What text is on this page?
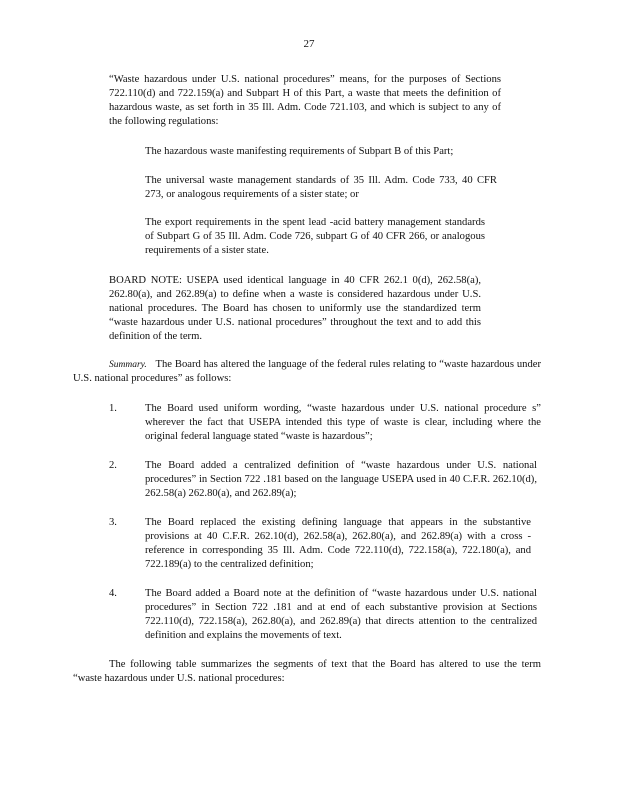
27

“Waste hazardous under U.S. national procedures” means, for the purposes of Sections 722.110(d) and 722.159(a) and Subpart H of this Part, a waste that meets the definition of hazardous waste, as set forth in 35 Ill. Adm. Code 721.103, and which is subject to any of the following regulations:

The hazardous waste manifesting requirements of Subpart B of this Part;

The universal waste management standards of 35 Ill. Adm. Code 733, 40 CFR 273, or analogous requirements of a sister state; or

The export requirements in the spent lead -acid battery management standards of Subpart G of 35 Ill. Adm. Code 726, subpart G of 40 CFR 266, or analogous requirements of a sister state.

BOARD NOTE: USEPA used identical language in 40 CFR 262.1 0(d), 262.58(a), 262.80(a), and 262.89(a) to define when a waste is considered hazardous under U.S. national procedures. The Board has chosen to uniformly use the standardized term “waste hazardous under U.S. national procedures” throughout the text and to add this definition of the term.

Summary. The Board has altered the language of the federal rules relating to “waste hazardous under U.S. national procedures” as follows:

1.	The Board used uniform wording, “waste hazardous under U.S. national procedure s” wherever the fact that USEPA intended this type of waste is clear, including where the original federal language stated “waste is hazardous”;
2.	The Board added a centralized definition of “waste hazardous under U.S. national procedures” in Section 722 .181 based on the language USEPA used in 40 C.F.R. 262.10(d), 262.58(a) 262.80(a), and 262.89(a);
3.	The Board replaced the existing defining language that appears in the substantive provisions at 40 C.F.R. 262.10(d), 262.58(a), 262.80(a), and 262.89(a) with a cross -reference in corresponding 35 Ill. Adm. Code 722.110(d), 722.158(a), 722.180(a), and 722.189(a) to the centralized definition;
4.	The Board added a Board note at the definition of “waste hazardous under U.S. national procedures” in Section 722 .181 and at end of each substantive provision at Sections 722.110(d), 722.158(a), 262.80(a), and 262.89(a) that directs attention to the centralized definition and explains the movements of text.

The following table summarizes the segments of text that the Board has altered to use the term “waste hazardous under U.S. national procedures:
